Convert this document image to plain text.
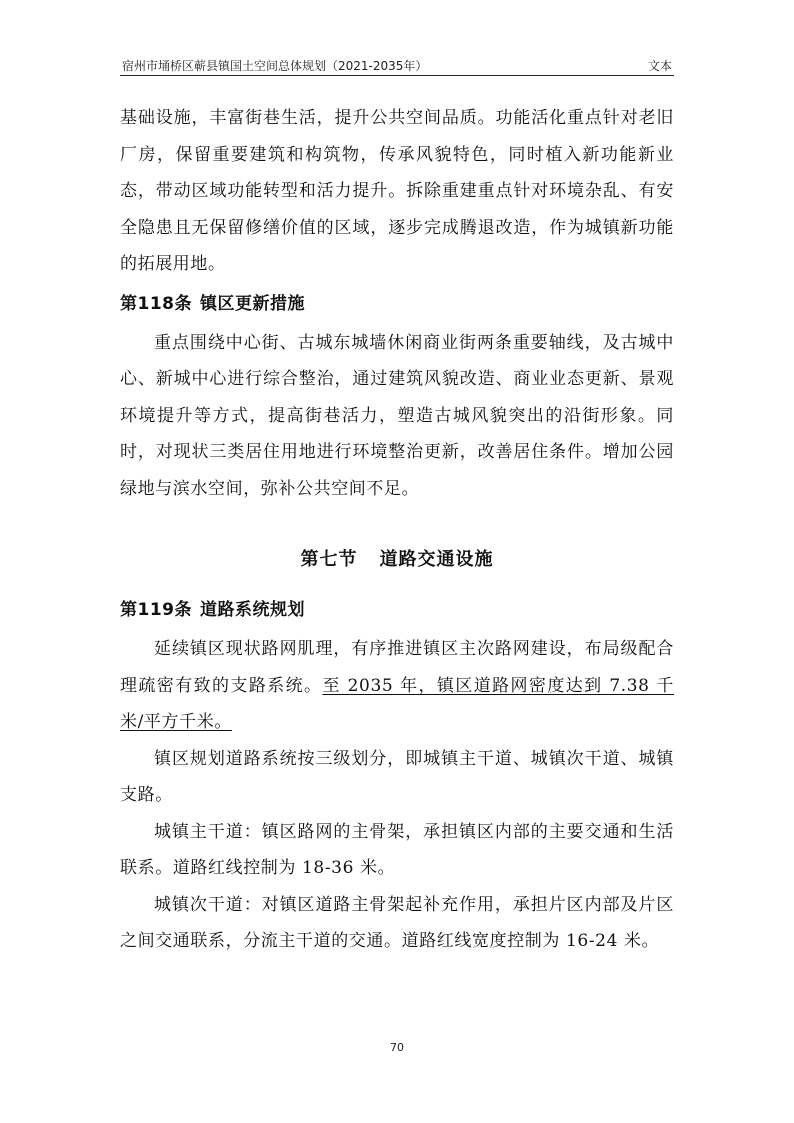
宿州市埇桥区蕲县镇国土空间总体规划（2021-2035年）	文本

基础设施，丰富街巷生活，提升公共空间品质。功能活化重点针对老旧厂房，保留重要建筑和构筑物，传承风貌特色，同时植入新功能新业态，带动区域功能转型和活力提升。拆除重建重点针对环境杂乱、有安全隐患且无保留修缮价值的区域，逐步完成腾退改造，作为城镇新功能的拓展用地。

第118条 镇区更新措施

重点围绕中心街、古城东城墙休闲商业街两条重要轴线，及古城中心、新城中心进行综合整治，通过建筑风貌改造、商业业态更新、景观环境提升等方式，提高街巷活力，塑造古城风貌突出的沿街形象。同时，对现状三类居住用地进行环境整治更新，改善居住条件。增加公园绿地与滨水空间，弥补公共空间不足。

第七节 道路交通设施
第119条 道路系统规划

延续镇区现状路网肌理，有序推进镇区主次路网建设，布局级配合理疏密有致的支路系统。至 2035 年，镇区道路网密度达到 7.38 千米/平方千米。

镇区规划道路系统按三级划分，即城镇主干道、城镇次干道、城镇支路。

城镇主干道：镇区路网的主骨架，承担镇区内部的主要交通和生活联系。道路红线控制为 18-36 米。

城镇次干道：对镇区道路主骨架起补充作用，承担片区内部及片区之间交通联系，分流主干道的交通。道路红线宽度控制为 16-24 米。

70
